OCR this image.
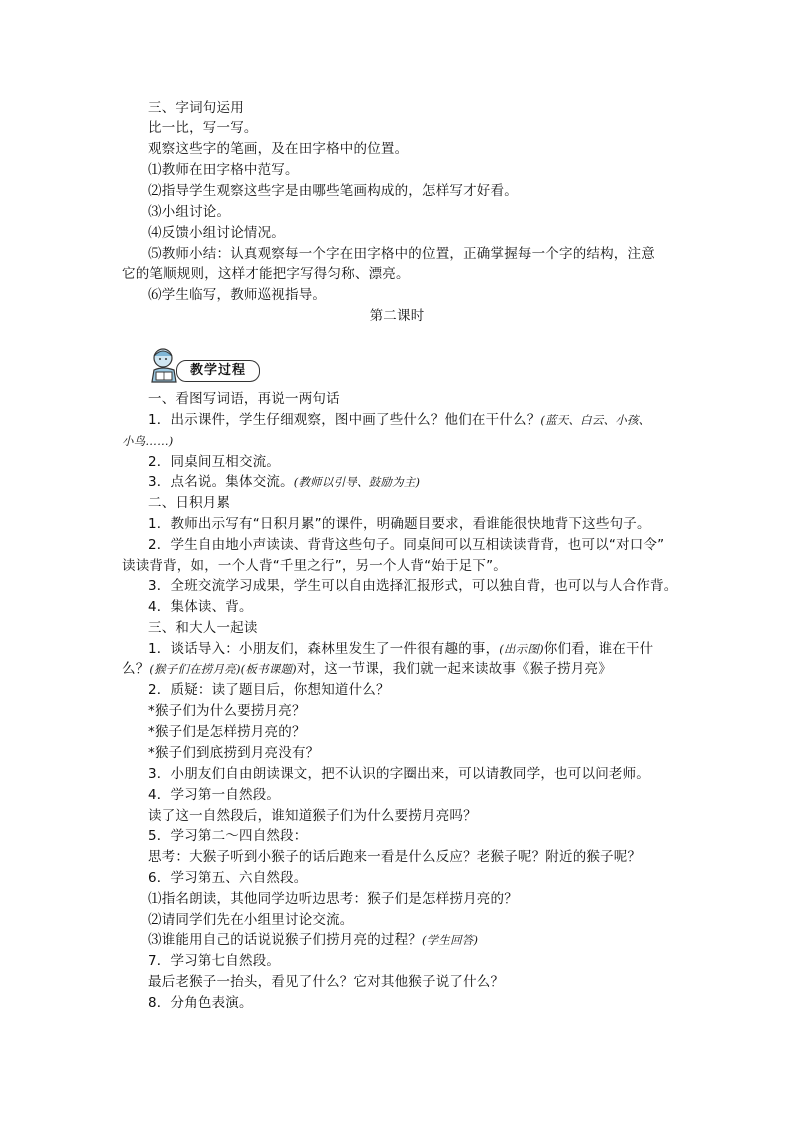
三、字词句运用
比一比，写一写。
观察这些字的笔画，及在田字格中的位置。
⑴教师在田字格中范写。
⑵指导学生观察这些字是由哪些笔画构成的，怎样写才好看。
⑶小组讨论。
⑷反馈小组讨论情况。
⑸教师小结：认真观察每一个字在田字格中的位置，正确掌握每一个字的结构，注意
它的笔顺规则，这样才能把字写得匀称、漂亮。
⑹学生临写，教师巡视指导。
第二课时
教学过程
一、看图写词语，再说一两句话
1．出示课件，学生仔细观察，图中画了些什么？他们在干什么？(蓝天、白云、小孩、
小鸟……)
2．同桌间互相交流。
3．点名说。集体交流。(教师以引导、鼓励为主)
二、日积月累
1．教师出示写有“日积月累”的课件，明确题目要求，看谁能很快地背下这些句子。
2．学生自由地小声读读、背背这些句子。同桌间可以互相读读背背，也可以“对口令”
读读背背，如，一个人背“千里之行”，另一个人背“始于足下”。
3．全班交流学习成果，学生可以自由选择汇报形式，可以独自背，也可以与人合作背。
4．集体读、背。
三、和大人一起读
1．谈话导入：小朋友们，森林里发生了一件很有趣的事，(出示图)你们看，谁在干什
么？(猴子们在捞月亮)(板书课题)对，这一节课，我们就一起来读故事《猴子捞月亮》
2．质疑：读了题目后，你想知道什么？
*猴子们为什么要捞月亮？
*猴子们是怎样捞月亮的？
*猴子们到底捞到月亮没有？
3．小朋友们自由朗读课文，把不认识的字圈出来，可以请教同学，也可以问老师。
4．学习第一自然段。
读了这一自然段后，谁知道猴子们为什么要捞月亮吗？
5．学习第二～四自然段：
思考：大猴子听到小猴子的话后跑来一看是什么反应？老猴子呢？附近的猴子呢？
6．学习第五、六自然段。
⑴指名朗读，其他同学边听边思考：猴子们是怎样捞月亮的？
⑵请同学们先在小组里讨论交流。
⑶谁能用自己的话说说猴子们捞月亮的过程？(学生回答)
7．学习第七自然段。
最后老猴子一抬头，看见了什么？它对其他猴子说了什么？
8．分角色表演。
